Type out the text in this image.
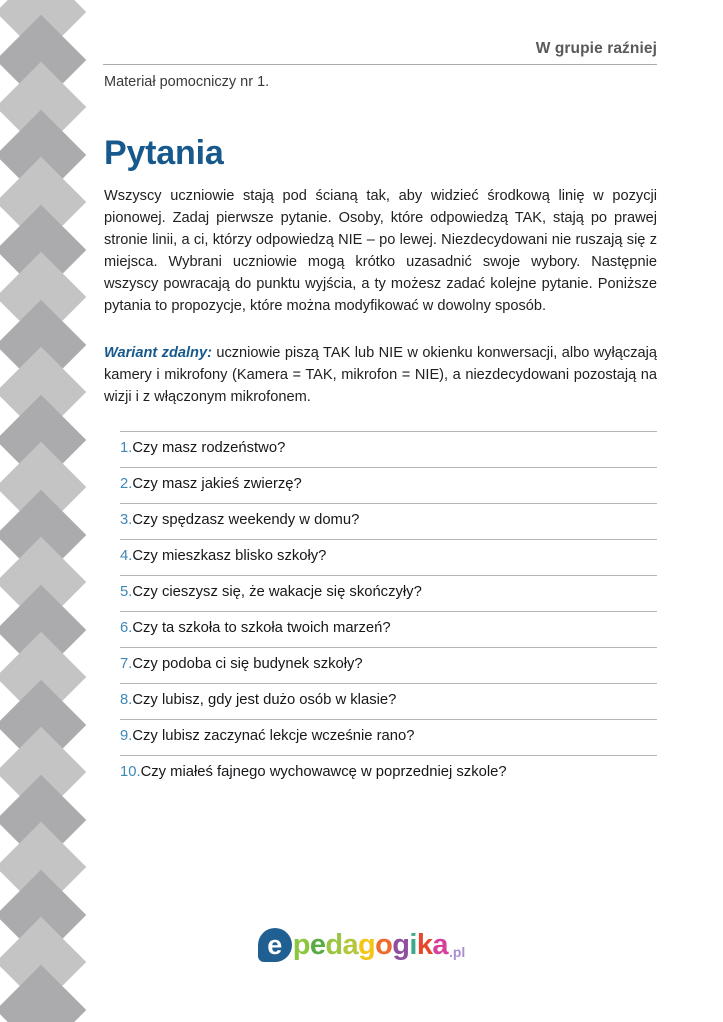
W grupie raźniej
Materiał pomocniczy nr 1.
Pytania

Wszyscy uczniowie stają pod ścianą tak, aby widzieć środkową linię w pozycji pionowej. Zadaj pierwsze pytanie. Osoby, które odpowiedzą TAK, stają po prawej stronie linii, a ci, którzy odpowiedzą NIE – po lewej. Niezdecydowani nie ruszają się z miejsca. Wybrani uczniowie mogą krótko uzasadnić swoje wybory. Następnie wszyscy powracają do punktu wyjścia, a ty możesz zadać kolejne pytanie. Poniższe pytania to propozycje, które można modyfikować w dowolny sposób.

Wariant zdalny: uczniowie piszą TAK lub NIE w okienku konwersacji, albo wyłączają kamery i mikrofony (Kamera = TAK, mikrofon = NIE), a niezdecydowani pozostają na wizji i z włączonym mikrofonem.

1.Czy masz rodzeństwo?
2.Czy masz jakieś zwierzę?
3.Czy spędzasz weekendy w domu?
4.Czy mieszkasz blisko szkoły?
5.Czy cieszysz się, że wakacje się skończyły?
6.Czy ta szkoła to szkoła twoich marzeń?
7.Czy podoba ci się budynek szkoły?
8.Czy lubisz, gdy jest dużo osób w klasie?
9.Czy lubisz zaczynać lekcje wcześnie rano?
10.Czy miałeś fajnego wychowawcę w poprzedniej szkole?
e pedagogika.pl
